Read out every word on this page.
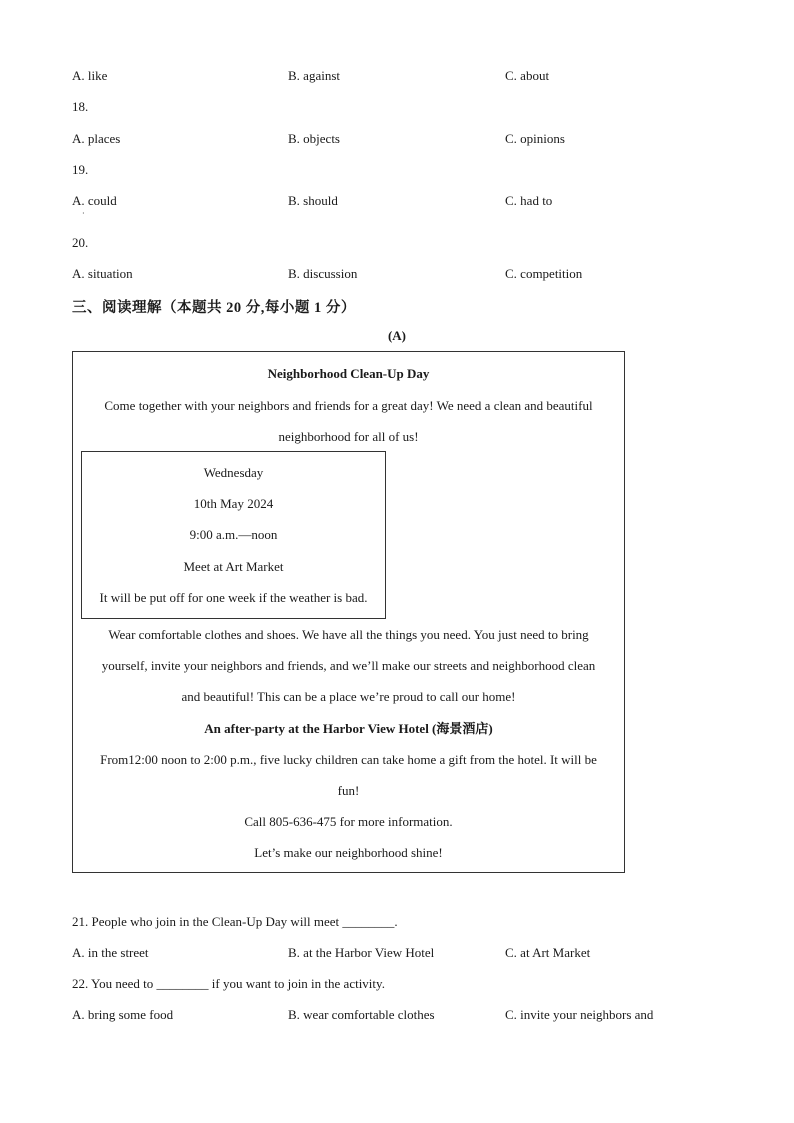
A. like	B. against	C. about
18.
A. places	B. objects	C. opinions
19.
A. could	B. should	C. had to
·
20.
A. situation	B. discussion	C. competition
三、阅读理解（本题共 20 分,每小题 1 分）
(A)
Neighborhood Clean-Up Day
Come together with your neighbors and friends for a great day! We need a clean and beautiful
neighborhood for all of us!
Wednesday
10th May 2024
9:00 a.m.—noon
Meet at Art Market
It will be put off for one week if the weather is bad.
Wear comfortable clothes and shoes. We have all the things you need. You just need to bring
yourself, invite your neighbors and friends, and we’ll make our streets and neighborhood clean
and beautiful! This can be a place we’re proud to call our home!
An after-party at the Harbor View Hotel (海景酒店)
From12:00 noon to 2:00 p.m., five lucky children can take home a gift from the hotel. It will be
fun!
Call 805-636-475 for more information.
Let’s make our neighborhood shine!
21. People who join in the Clean-Up Day will meet ________.
A. in the street	B. at the Harbor View Hotel	C. at Art Market
22. You need to ________ if you want to join in the activity.
A. bring some food	B. wear comfortable clothes	C. invite your neighbors and
